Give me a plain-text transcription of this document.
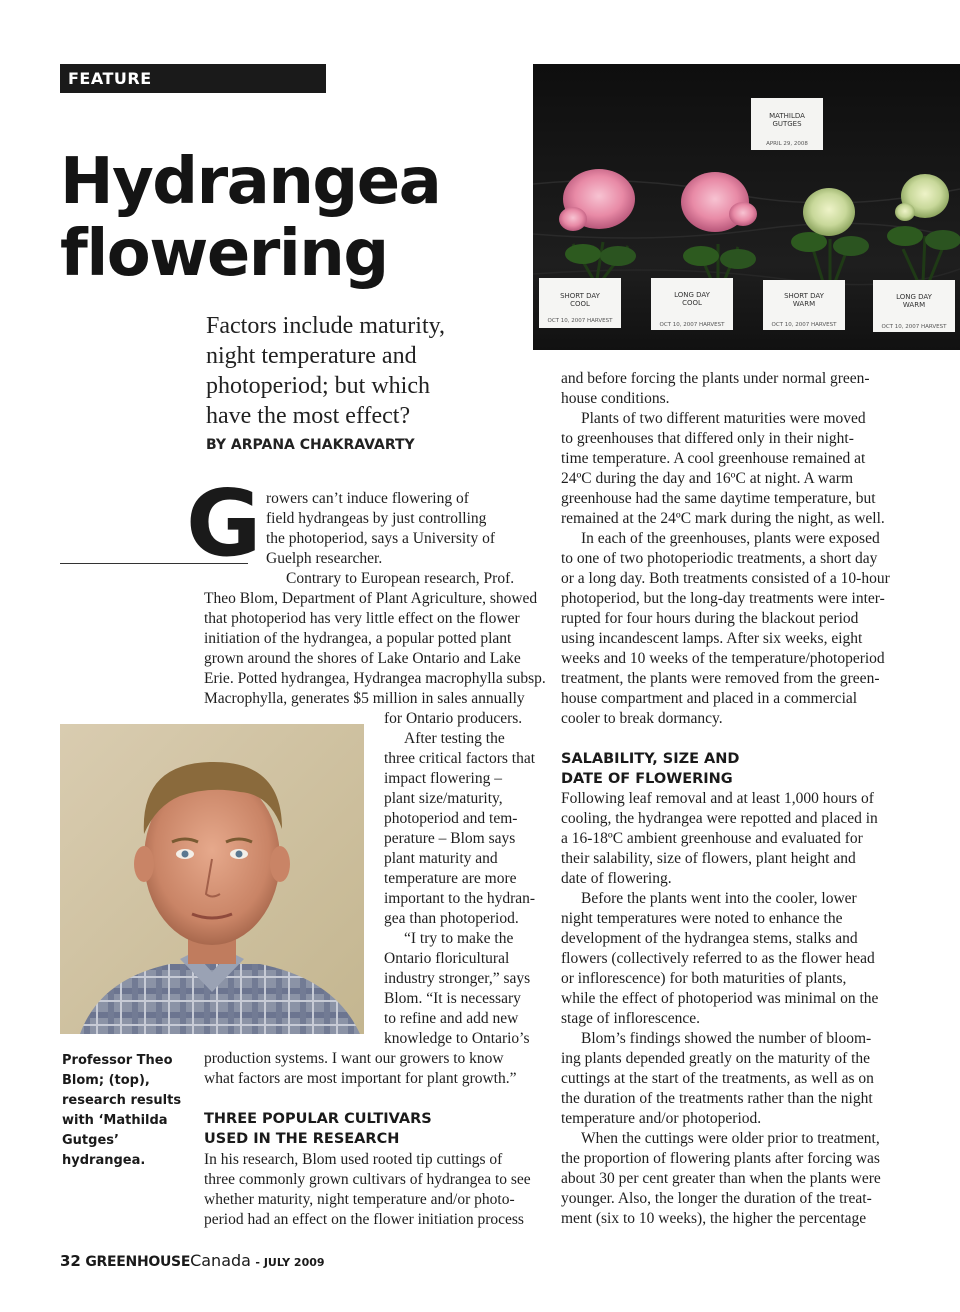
FEATURE
Hydrangea
flowering
Factors include maturity,
night temperature and
photoperiod; but which
have the most effect?
BY ARPANA CHAKRAVARTY
G rowers can’t induce flowering of
field hydrangeas by just controlling
the photoperiod, says a University of
Guelph researcher.
Contrary to European research, Prof.
Theo Blom, Department of Plant Agriculture, showed
that photoperiod has very little effect on the flower
initiation of the hydrangea, a popular potted plant
grown around the shores of Lake Ontario and Lake
Erie. Potted hydrangea, Hydrangea macrophylla subsp.
Macrophylla, generates $5 million in sales annually
for Ontario producers.
After testing the
three critical factors that
impact flowering –
plant size/maturity,
photoperiod and tem-
perature – Blom says
plant maturity and
temperature are more
important to the hydran-
gea than photoperiod.
“I try to make the
Ontario floricultural
industry stronger,” says
Blom. “It is necessary
to refine and add new
knowledge to Ontario’s
production systems. I want our growers to know
what factors are most important for plant growth.”
THREE POPULAR CULTIVARS
USED IN THE RESEARCH
In his research, Blom used rooted tip cuttings of
three commonly grown cultivars of hydrangea to see
whether maturity, night temperature and/or photo-
period had an effect on the flower initiation process
and before forcing the plants under normal green-
house conditions.
Plants of two different maturities were moved
to greenhouses that differed only in their night-
time temperature. A cool greenhouse remained at
24ºC during the day and 16ºC at night. A warm
greenhouse had the same daytime temperature, but
remained at the 24ºC mark during the night, as well.
In each of the greenhouses, plants were exposed
to one of two photoperiodic treatments, a short day
or a long day. Both treatments consisted of a 10-hour
photoperiod, but the long-day treatments were inter-
rupted for four hours during the blackout period
using incandescent lamps. After six weeks, eight
weeks and 10 weeks of the temperature/photoperiod
treatment, the plants were removed from the green-
house compartment and placed in a commercial
cooler to break dormancy.
SALABILITY, SIZE AND
DATE OF FLOWERING
Following leaf removal and at least 1,000 hours of
cooling, the hydrangea were repotted and placed in
a 16-18ºC ambient greenhouse and evaluated for
their salability, size of flowers, plant height and
date of flowering.
Before the plants went into the cooler, lower
night temperatures were noted to enhance the
development of the hydrangea stems, stalks and
flowers (collectively referred to as the flower head
or inflorescence) for both maturities of plants,
while the effect of photoperiod was minimal on the
stage of inflorescence.
Blom’s findings showed the number of bloom-
ing plants depended greatly on the maturity of the
cuttings at the start of the treatments, as well as on
the duration of the treatments rather than the night
temperature and/or photoperiod.
When the cuttings were older prior to treatment,
the proportion of flowering plants after forcing was
about 30 per cent greater than when the plants were
younger. Also, the longer the duration of the treat-
ment (six to 10 weeks), the higher the percentage
Professor Theo
Blom; (top),
research results
with ‘Mathilda
Gutges’
hydrangea.
MATHILDA
GUTGES
APRIL 29, 2008
SHORT DAY
COOL
OCT 10, 2007 HARVEST
LONG DAY
COOL
OCT 10, 2007 HARVEST
SHORT DAY
WARM
OCT 10, 2007 HARVEST
LONG DAY
WARM
OCT 10, 2007 HARVEST
32 GREENHOUSECanada - JULY 2009
